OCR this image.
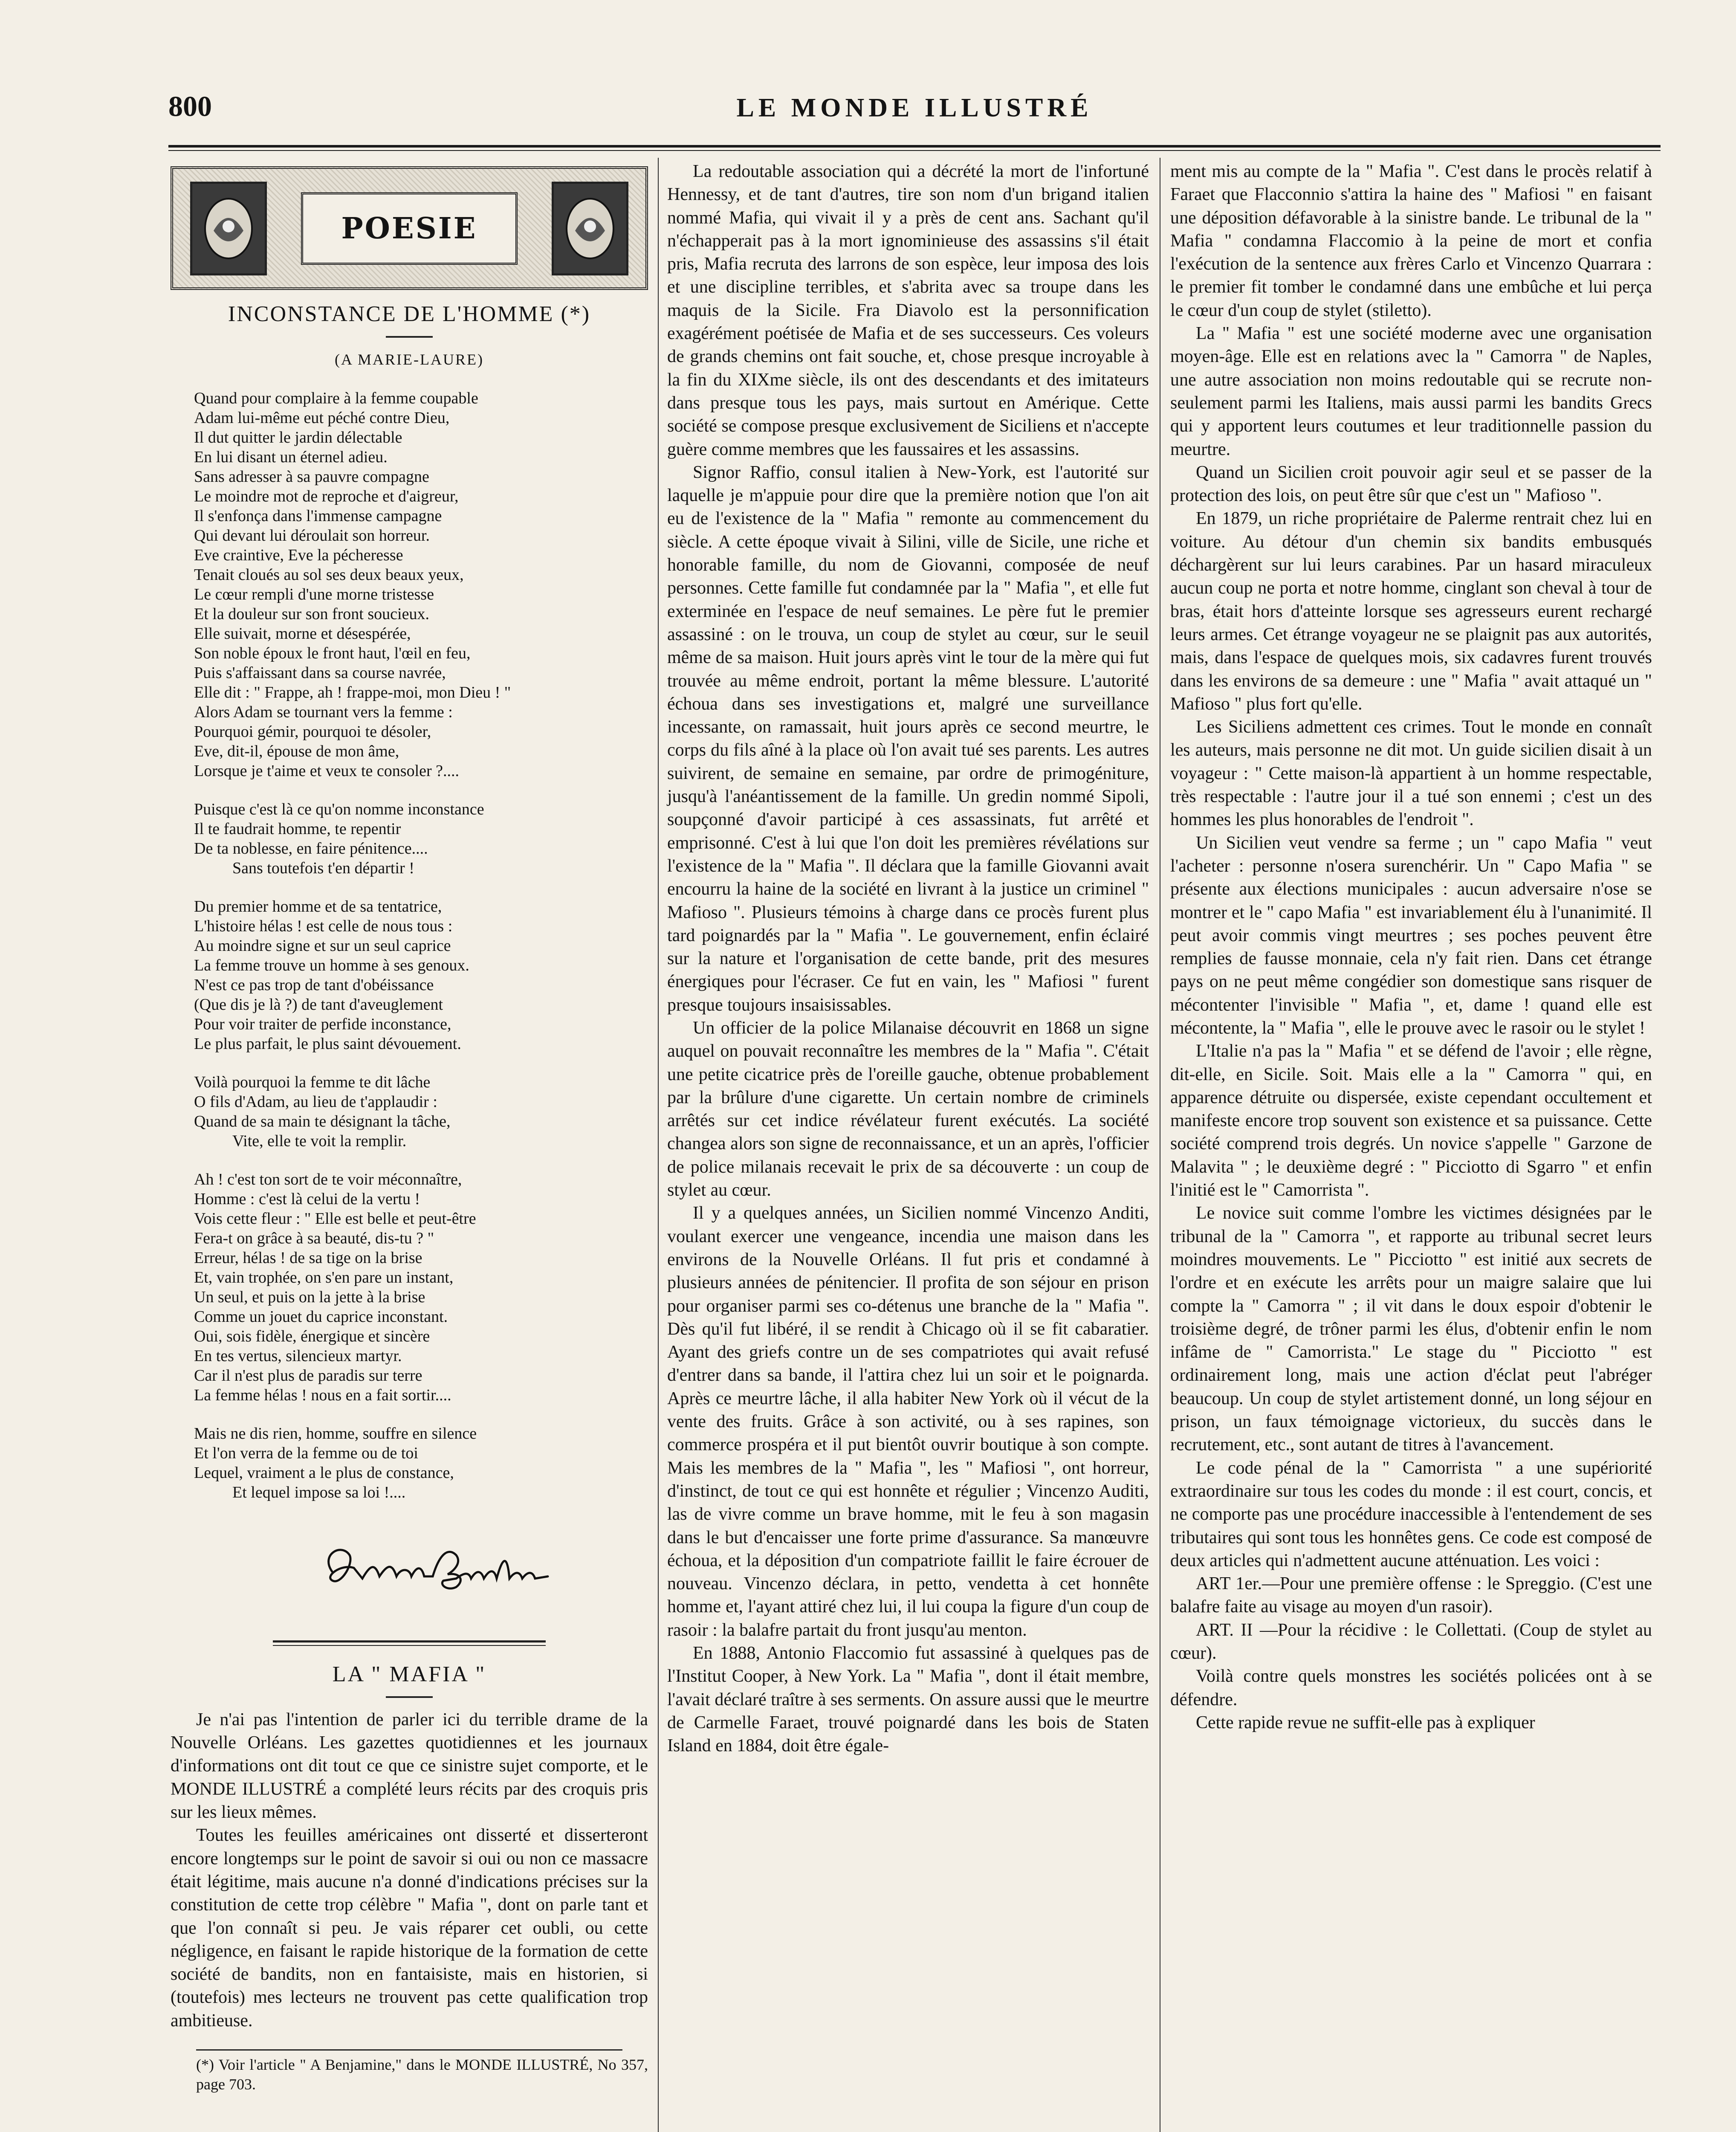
800	LE MONDE ILLUSTRÉ
POESIE
INCONSTANCE DE L'HOMME (*)
(A MARIE-LAURE)
Quand pour complaire à la femme coupable
Adam lui-même eut péché contre Dieu,
Il dut quitter le jardin délectable
En lui disant un éternel adieu.
Sans adresser à sa pauvre compagne
Le moindre mot de reproche et d'aigreur,
Il s'enfonça dans l'immense campagne
Qui devant lui déroulait son horreur.
Eve craintive, Eve la pécheresse
Tenait cloués au sol ses deux beaux yeux,
Le cœur rempli d'une morne tristesse
Et la douleur sur son front soucieux.
Elle suivait, morne et désespérée,
Son noble époux le front haut, l'œil en feu,
Puis s'affaissant dans sa course navrée,
Elle dit : " Frappe, ah ! frappe-moi, mon Dieu ! "
Alors Adam se tournant vers la femme :
Pourquoi gémir, pourquoi te désoler,
Eve, dit-il, épouse de mon âme,
Lorsque je t'aime et veux te consoler ?....
Puisque c'est là ce qu'on nomme inconstance
Il te faudrait homme, te repentir
De ta noblesse, en faire pénitence....
Sans toutefois t'en départir !
Du premier homme et de sa tentatrice,
L'histoire hélas ! est celle de nous tous :
Au moindre signe et sur un seul caprice
La femme trouve un homme à ses genoux.
N'est ce pas trop de tant d'obéissance
(Que dis je là ?) de tant d'aveuglement
Pour voir traiter de perfide inconstance,
Le plus parfait, le plus saint dévouement.
Voilà pourquoi la femme te dit lâche
O fils d'Adam, au lieu de t'applaudir :
Quand de sa main te désignant la tâche,
Vite, elle te voit la remplir.
Ah ! c'est ton sort de te voir méconnaître,
Homme : c'est là celui de la vertu !
Vois cette fleur : " Elle est belle et peut-être
Fera-t on grâce à sa beauté, dis-tu ? "
Erreur, hélas ! de sa tige on la brise
Et, vain trophée, on s'en pare un instant,
Un seul, et puis on la jette à la brise
Comme un jouet du caprice inconstant.
Oui, sois fidèle, énergique et sincère
En tes vertus, silencieux martyr.
Car il n'est plus de paradis sur terre
La femme hélas ! nous en a fait sortir....
Mais ne dis rien, homme, souffre en silence
Et l'on verra de la femme ou de toi
Lequel, vraiment a le plus de constance,
Et lequel impose sa loi !....
LA " MAFIA "

Je n'ai pas l'intention de parler ici du terrible drame de la Nouvelle Orléans. Les gazettes quotidiennes et les journaux d'informations ont dit tout ce que ce sinistre sujet comporte, et le MONDE ILLUSTRÉ a complété leurs récits par des croquis pris sur les lieux mêmes.

Toutes les feuilles américaines ont disserté et disserteront encore longtemps sur le point de savoir si oui ou non ce massacre était légitime, mais aucune n'a donné d'indications précises sur la constitution de cette trop célèbre " Mafia ", dont on parle tant et que l'on connaît si peu. Je vais réparer cet oubli, ou cette négligence, en faisant le rapide historique de la formation de cette société de bandits, non en fantaisiste, mais en historien, si (toutefois) mes lecteurs ne trouvent pas cette qualification trop ambitieuse.

(*) Voir l'article " A Benjamine," dans le MONDE ILLUSTRÉ, No 357, page 703.

La redoutable association qui a décrété la mort de l'infortuné Hennessy, et de tant d'autres, tire son nom d'un brigand italien nommé Mafia, qui vivait il y a près de cent ans. Sachant qu'il n'échapperait pas à la mort ignominieuse des assassins s'il était pris, Mafia recruta des larrons de son espèce, leur imposa des lois et une discipline terribles, et s'abrita avec sa troupe dans les maquis de la Sicile. Fra Diavolo est la personnification exagérément poétisée de Mafia et de ses successeurs. Ces voleurs de grands chemins ont fait souche, et, chose presque incroyable à la fin du XIXme siècle, ils ont des descendants et des imitateurs dans presque tous les pays, mais surtout en Amérique. Cette société se compose presque exclusivement de Siciliens et n'accepte guère comme membres que les faussaires et les assassins.

Signor Raffio, consul italien à New-York, est l'autorité sur laquelle je m'appuie pour dire que la première notion que l'on ait eu de l'existence de la " Mafia " remonte au commencement du siècle. A cette époque vivait à Silini, ville de Sicile, une riche et honorable famille, du nom de Giovanni, composée de neuf personnes. Cette famille fut condamnée par la " Mafia ", et elle fut exterminée en l'espace de neuf semaines. Le père fut le premier assassiné : on le trouva, un coup de stylet au cœur, sur le seuil même de sa maison. Huit jours après vint le tour de la mère qui fut trouvée au même endroit, portant la même blessure. L'autorité échoua dans ses investigations et, malgré une surveillance incessante, on ramassait, huit jours après ce second meurtre, le corps du fils aîné à la place où l'on avait tué ses parents. Les autres suivirent, de semaine en semaine, par ordre de primogéniture, jusqu'à l'anéantissement de la famille. Un gredin nommé Sipoli, soupçonné d'avoir participé à ces assassinats, fut arrêté et emprisonné. C'est à lui que l'on doit les premières révélations sur l'existence de la " Mafia ". Il déclara que la famille Giovanni avait encourru la haine de la société en livrant à la justice un criminel " Mafioso ". Plusieurs témoins à charge dans ce procès furent plus tard poignardés par la " Mafia ". Le gouvernement, enfin éclairé sur la nature et l'organisation de cette bande, prit des mesures énergiques pour l'écraser. Ce fut en vain, les " Mafiosi " furent presque toujours insaisissables.

Un officier de la police Milanaise découvrit en 1868 un signe auquel on pouvait reconnaître les membres de la " Mafia ". C'était une petite cicatrice près de l'oreille gauche, obtenue probablement par la brûlure d'une cigarette. Un certain nombre de criminels arrêtés sur cet indice révélateur furent exécutés. La société changea alors son signe de reconnaissance, et un an après, l'officier de police milanais recevait le prix de sa découverte : un coup de stylet au cœur.

Il y a quelques années, un Sicilien nommé Vincenzo Anditi, voulant exercer une vengeance, incendia une maison dans les environs de la Nouvelle Orléans. Il fut pris et condamné à plusieurs années de pénitencier. Il profita de son séjour en prison pour organiser parmi ses co-détenus une branche de la " Mafia ". Dès qu'il fut libéré, il se rendit à Chicago où il se fit cabaratier. Ayant des griefs contre un de ses compatriotes qui avait refusé d'entrer dans sa bande, il l'attira chez lui un soir et le poignarda. Après ce meurtre lâche, il alla habiter New York où il vécut de la vente des fruits. Grâce à son activité, ou à ses rapines, son commerce prospéra et il put bientôt ouvrir boutique à son compte. Mais les membres de la " Mafia ", les " Mafiosi ", ont horreur, d'instinct, de tout ce qui est honnête et régulier ; Vincenzo Auditi, las de vivre comme un brave homme, mit le feu à son magasin dans le but d'encaisser une forte prime d'assurance. Sa manœuvre échoua, et la déposition d'un compatriote faillit le faire écrouer de nouveau. Vincenzo déclara, in petto, vendetta à cet honnête homme et, l'ayant attiré chez lui, il lui coupa la figure d'un coup de rasoir : la balafre partait du front jusqu'au menton.

En 1888, Antonio Flaccomio fut assassiné à quelques pas de l'Institut Cooper, à New York. La " Mafia ", dont il était membre, l'avait déclaré traître à ses serments. On assure aussi que le meurtre de Carmelle Faraet, trouvé poignardé dans les bois de Staten Island en 1884, doit être égale-

ment mis au compte de la " Mafia ". C'est dans le procès relatif à Faraet que Flacconnio s'attira la haine des " Mafiosi " en faisant une déposition défavorable à la sinistre bande. Le tribunal de la " Mafia " condamna Flaccomio à la peine de mort et confia l'exécution de la sentence aux frères Carlo et Vincenzo Quarrara : le premier fit tomber le condamné dans une embûche et lui perça le cœur d'un coup de stylet (stiletto).

La " Mafia " est une société moderne avec une organisation moyen-âge. Elle est en relations avec la " Camorra " de Naples, une autre association non moins redoutable qui se recrute non-seulement parmi les Italiens, mais aussi parmi les bandits Grecs qui y apportent leurs coutumes et leur traditionnelle passion du meurtre.

Quand un Sicilien croit pouvoir agir seul et se passer de la protection des lois, on peut être sûr que c'est un " Mafioso ".

En 1879, un riche propriétaire de Palerme rentrait chez lui en voiture. Au détour d'un chemin six bandits embusqués déchargèrent sur lui leurs carabines. Par un hasard miraculeux aucun coup ne porta et notre homme, cinglant son cheval à tour de bras, était hors d'atteinte lorsque ses agresseurs eurent rechargé leurs armes. Cet étrange voyageur ne se plaignit pas aux autorités, mais, dans l'espace de quelques mois, six cadavres furent trouvés dans les environs de sa demeure : une " Mafia " avait attaqué un " Mafioso " plus fort qu'elle.

Les Siciliens admettent ces crimes. Tout le monde en connaît les auteurs, mais personne ne dit mot. Un guide sicilien disait à un voyageur : " Cette maison-là appartient à un homme respectable, très respectable : l'autre jour il a tué son ennemi ; c'est un des hommes les plus honorables de l'endroit ".

Un Sicilien veut vendre sa ferme ; un " capo Mafia " veut l'acheter : personne n'osera surenchérir. Un " Capo Mafia " se présente aux élections municipales : aucun adversaire n'ose se montrer et le " capo Mafia " est invariablement élu à l'unanimité. Il peut avoir commis vingt meurtres ; ses poches peuvent être remplies de fausse monnaie, cela n'y fait rien. Dans cet étrange pays on ne peut même congédier son domestique sans risquer de mécontenter l'invisible " Mafia ", et, dame ! quand elle est mécontente, la " Mafia ", elle le prouve avec le rasoir ou le stylet !

L'Italie n'a pas la " Mafia " et se défend de l'avoir ; elle règne, dit-elle, en Sicile. Soit. Mais elle a la " Camorra " qui, en apparence détruite ou dispersée, existe cependant occultement et manifeste encore trop souvent son existence et sa puissance. Cette société comprend trois degrés. Un novice s'appelle " Garzone de Malavita " ; le deuxième degré : " Picciotto di Sgarro " et enfin l'initié est le " Camorrista ".

Le novice suit comme l'ombre les victimes désignées par le tribunal de la " Camorra ", et rapporte au tribunal secret leurs moindres mouvements. Le " Picciotto " est initié aux secrets de l'ordre et en exécute les arrêts pour un maigre salaire que lui compte la " Camorra " ; il vit dans le doux espoir d'obtenir le troisième degré, de trôner parmi les élus, d'obtenir enfin le nom infâme de " Camorrista." Le stage du " Picciotto " est ordinairement long, mais une action d'éclat peut l'abréger beaucoup. Un coup de stylet artistement donné, un long séjour en prison, un faux témoignage victorieux, du succès dans le recrutement, etc., sont autant de titres à l'avancement.

Le code pénal de la " Camorrista " a une supériorité extraordinaire sur tous les codes du monde : il est court, concis, et ne comporte pas une procédure inaccessible à l'entendement de ses tributaires qui sont tous les honnêtes gens. Ce code est composé de deux articles qui n'admettent aucune atténuation. Les voici :

ART 1er.—Pour une première offense : le Spreggio. (C'est une balafre faite au visage au moyen d'un rasoir).

ART. II —Pour la récidive : le Collettati. (Coup de stylet au cœur).

Voilà contre quels monstres les sociétés policées ont à se défendre.

Cette rapide revue ne suffit-elle pas à expliquer
